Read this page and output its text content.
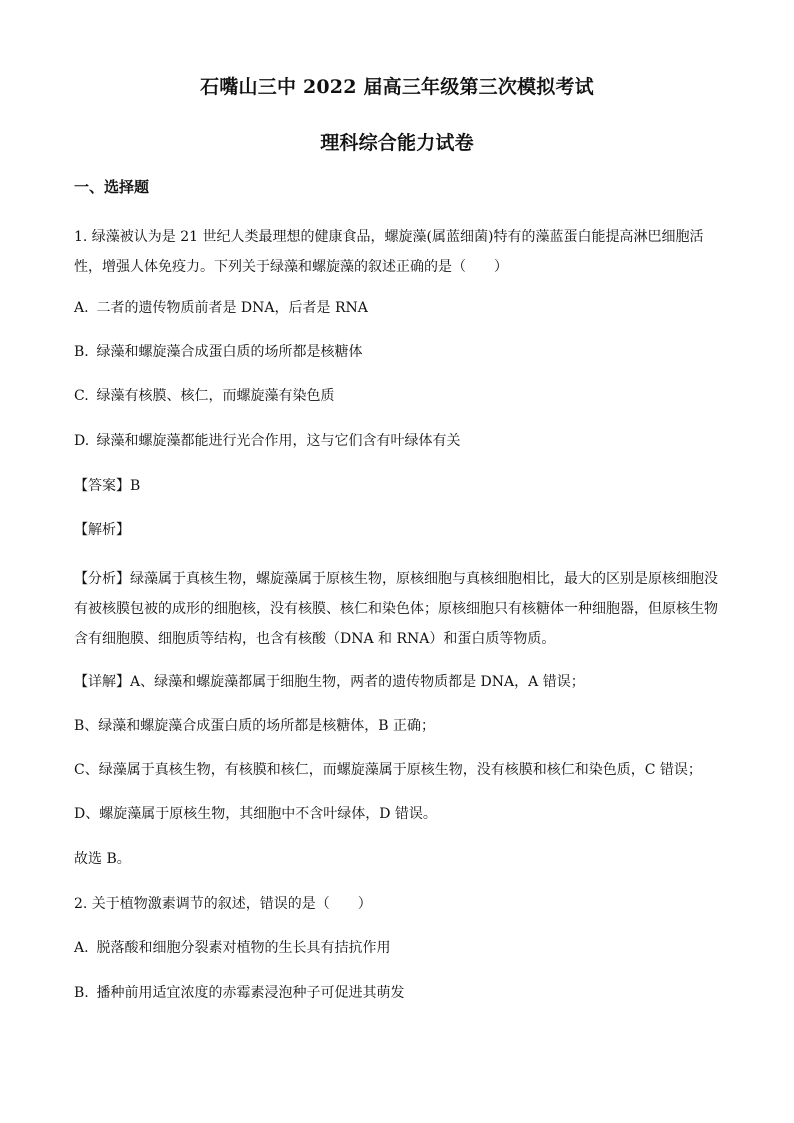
石嘴山三中 2022 届高三年级第三次模拟考试
理科综合能力试卷
一、选择题
1. 绿藻被认为是 21 世纪人类最理想的健康食品，螺旋藻(属蓝细菌)特有的藻蓝蛋白能提高淋巴细胞活性，增强人体免疫力。下列关于绿藻和螺旋藻的叙述正确的是（　　）
A. 二者的遗传物质前者是 DNA，后者是 RNA
B. 绿藻和螺旋藻合成蛋白质的场所都是核糖体
C. 绿藻有核膜、核仁，而螺旋藻有染色质
D. 绿藻和螺旋藻都能进行光合作用，这与它们含有叶绿体有关
【答案】B
【解析】
【分析】绿藻属于真核生物，螺旋藻属于原核生物，原核细胞与真核细胞相比，最大的区别是原核细胞没有被核膜包被的成形的细胞核，没有核膜、核仁和染色体；原核细胞只有核糖体一种细胞器，但原核生物含有细胞膜、细胞质等结构，也含有核酸（DNA 和 RNA）和蛋白质等物质。
【详解】A、绿藻和螺旋藻都属于细胞生物，两者的遗传物质都是 DNA，A 错误；
B、绿藻和螺旋藻合成蛋白质的场所都是核糖体，B 正确；
C、绿藻属于真核生物，有核膜和核仁，而螺旋藻属于原核生物，没有核膜和核仁和染色质，C 错误；
D、螺旋藻属于原核生物，其细胞中不含叶绿体，D 错误。
故选 B。
2. 关于植物激素调节的叙述，错误的是（　　）
A. 脱落酸和细胞分裂素对植物的生长具有拮抗作用
B. 播种前用适宜浓度的赤霉素浸泡种子可促进其萌发
